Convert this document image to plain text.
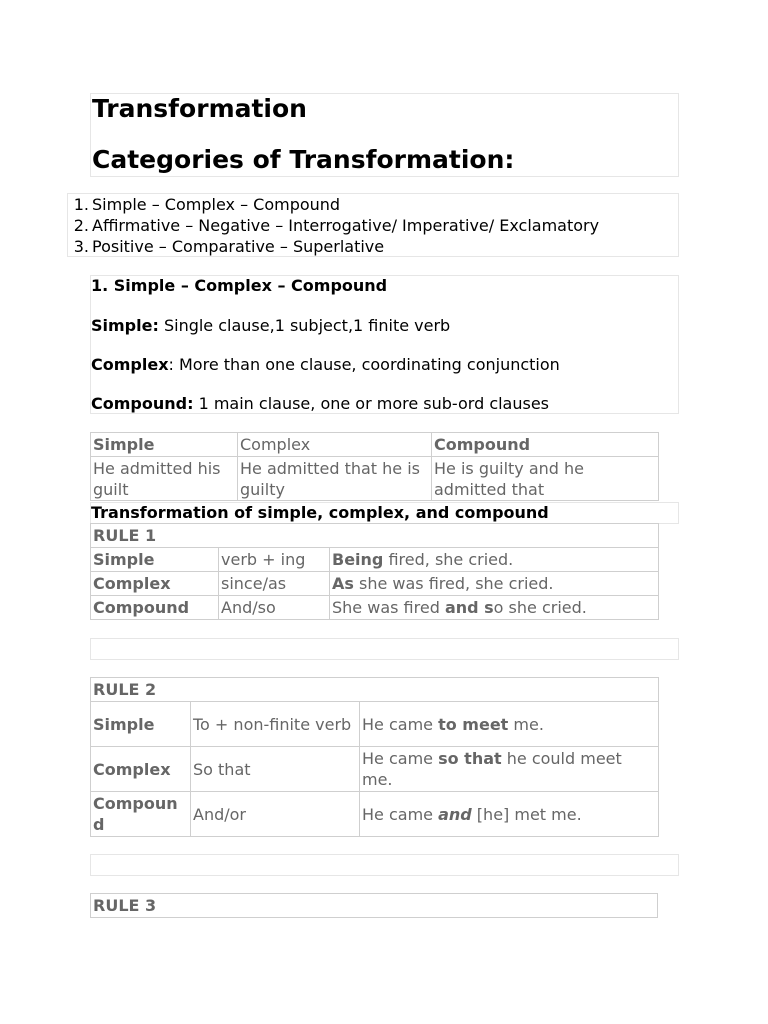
Transformation
Categories of Transformation:
1. Simple – Complex – Compound
2. Affirmative – Negative – Interrogative/ Imperative/ Exclamatory
3. Positive – Comparative – Superlative
1. Simple – Complex – Compound
Simple: Single clause,1 subject,1 finite verb
Complex: More than one clause, coordinating conjunction
Compound: 1 main clause, one or more sub-ord clauses
Simple	Complex	Compound
He admitted his guilt	He admitted that he is guilty	He is guilty and he admitted that
Transformation of simple, complex, and compound
RULE 1		
Simple	verb + ing	Being fired, she cried.
Complex	since/as	As she was fired, she cried.
Compound	And/so	She was fired and so she cried.
RULE 2		
Simple	To + non-finite verb	He came to meet me.
Complex	So that	He came so that he could meet me.
Compound	And/or	He came and [he] met me.
RULE 3
